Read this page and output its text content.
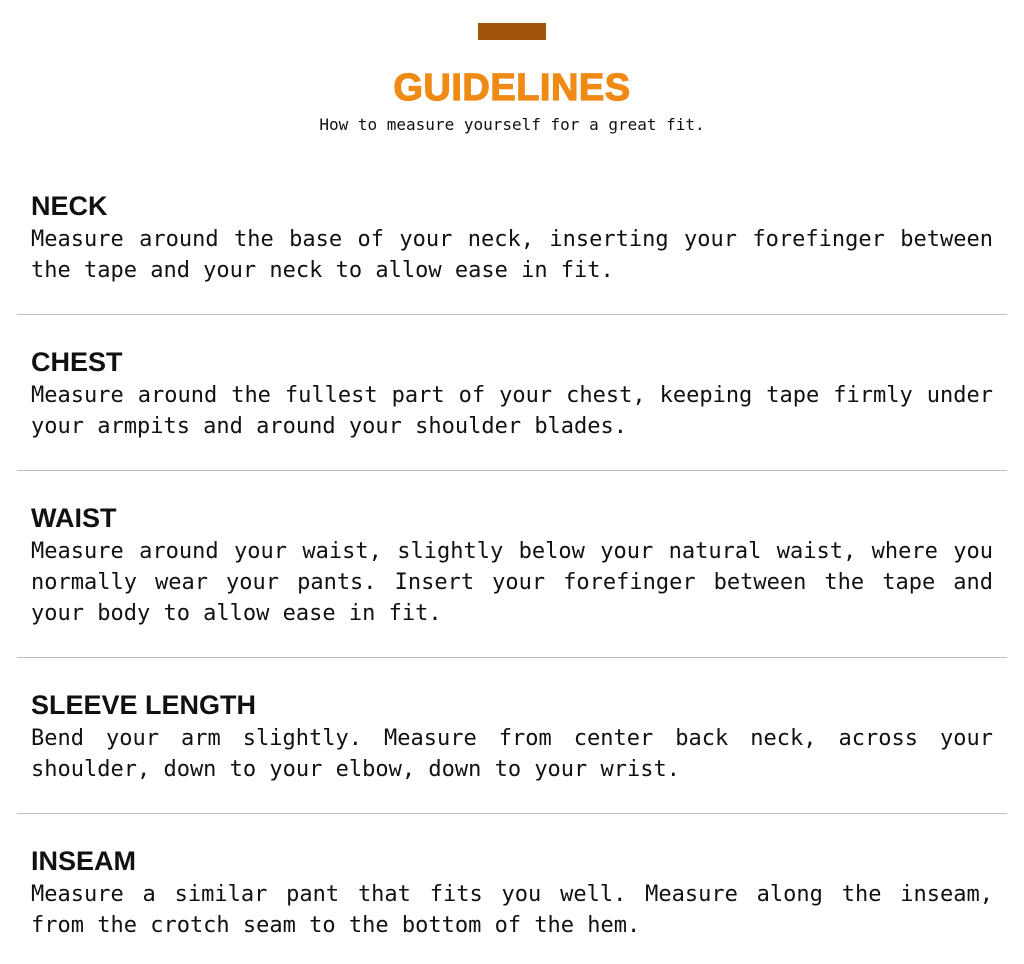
GUIDELINES
How to measure yourself for a great fit.
NECK
Measure around the base of your neck, inserting your forefinger between the tape and your neck to allow ease in fit.
CHEST
Measure around the fullest part of your chest, keeping tape firmly under your armpits and around your shoulder blades.
WAIST
Measure around your waist, slightly below your natural waist, where you normally wear your pants. Insert your forefinger between the tape and your body to allow ease in fit.
SLEEVE LENGTH
Bend your arm slightly. Measure from center back neck, across your shoulder, down to your elbow, down to your wrist.
INSEAM
Measure a similar pant that fits you well. Measure along the inseam, from the crotch seam to the bottom of the hem.
